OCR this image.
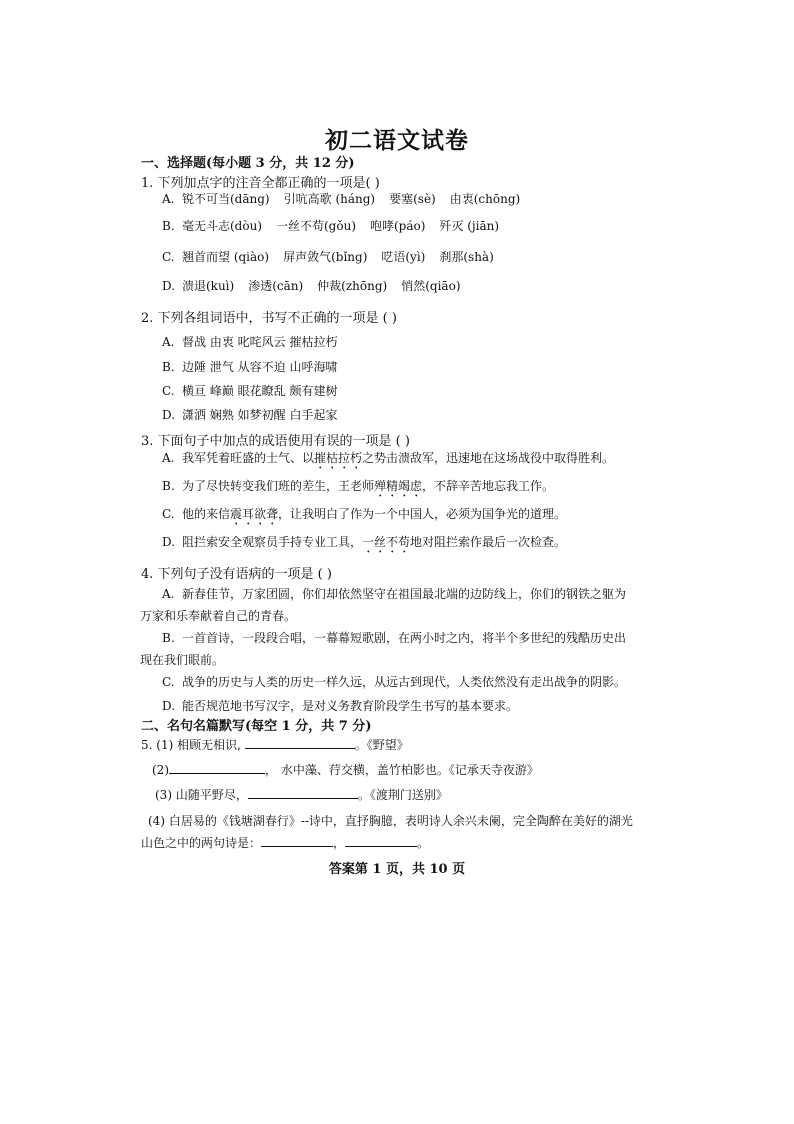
初二语文试卷
一、选择题(每小题 3 分，共 12 分)
1. 下列加点字的注音全都正确的一项是( )
A. 锐不可当(dāng) 引吭高歌 (háng) 要塞(sè) 由衷(chōng)
B. 毫无斗志(dòu) 一丝不苟(gǒu) 咆哮(páo) 歼灭 (jiān)
C. 翘首而望 (qiào) 屏声敛气(bǐng) 呓语(yì) 刹那(shà)
D. 溃退(kuì) 渗透(cān) 仲裁(zhōng) 悄然(qiāo)
2. 下列各组词语中，书写不正确的一项是 ( )
A. 督战 由衷 叱咤风云 摧枯拉朽
B. 边陲 泄气 从容不迫 山呼海啸
C. 横亘 峰巅 眼花瞭乱 颇有建树
D. 潇洒 娴熟 如梦初醒 白手起家
3. 下面句子中加点的成语使用有误的一项是 ( )
A. 我军凭着旺盛的士气、以摧枯拉朽之势击溃敌军，迅速地在这场战役中取得胜利。
B. 为了尽快转变我们班的差生，王老师殚精竭虑，不辞辛苦地忘我工作。
C. 他的来信震耳欲聋，让我明白了作为一个中国人，必须为国争光的道理。
D. 阻拦索安全观察员手持专业工具，一丝不苟地对阻拦索作最后一次检查。
4. 下列句子没有语病的一项是 ( )
A. 新春佳节，万家团圆，你们却依然坚守在祖国最北端的边防线上，你们的钢铁之躯为
万家和乐奉献着自己的青春。
B. 一首首诗，一段段合唱，一幕幕短歌剧，在两小时之内，将半个多世纪的残酷历史出
现在我们眼前。
C. 战争的历史与人类的历史一样久远，从远古到现代，人类依然没有走出战争的阴影。
D. 能否规范地书写汉字，是对义务教育阶段学生书写的基本要求。
二、名句名篇默写(每空 1 分，共 7 分)
5. (1) 相顾无相识,	。《野望》
(2)	， 水中藻、荇交横，盖竹柏影也。《记承天寺夜游》
(3) 山随平野尽，	。《渡荆门送别》
(4) 白居易的《钱塘湖春行》--诗中，直抒胸臆，表明诗人余兴未阑，完全陶醉在美好的湖光
山色之中的两句诗是：	，	。
答案第 1 页，共 10 页
